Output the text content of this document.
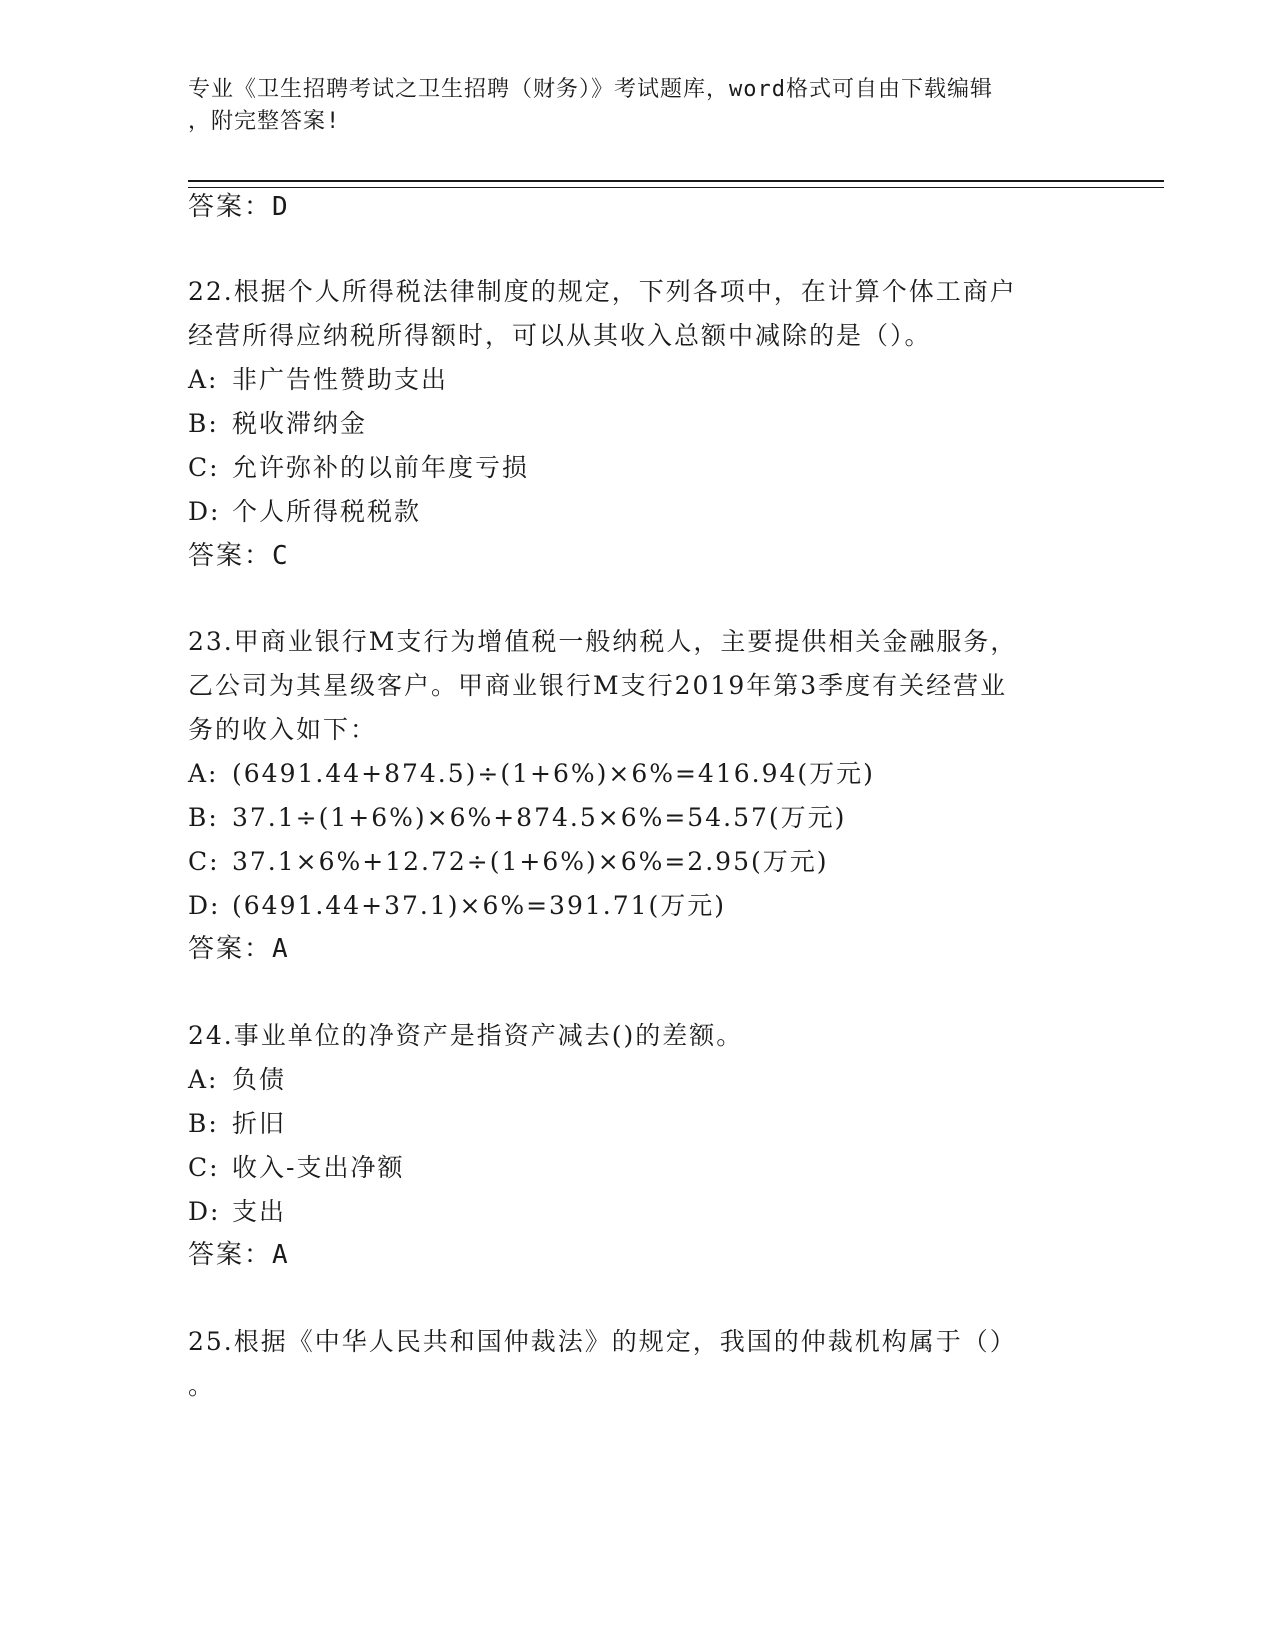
专业《卫生招聘考试之卫生招聘（财务）》考试题库，word格式可自由下载编辑
，附完整答案!
答案：D
22.根据个人所得税法律制度的规定，下列各项中，在计算个体工商户
经营所得应纳税所得额时，可以从其收入总额中减除的是（）。
A: 非广告性赞助支出
B: 税收滞纳金
C: 允许弥补的以前年度亏损
D: 个人所得税税款
答案：C
23.甲商业银行M支行为增值税一般纳税人，主要提供相关金融服务，
乙公司为其星级客户。甲商业银行M支行2019年第3季度有关经营业
务的收入如下：
A: (6491.44+874.5)÷(1+6%)×6%=416.94(万元)
B: 37.1÷(1+6%)×6%+874.5×6%=54.57(万元)
C: 37.1×6%+12.72÷(1+6%)×6%=2.95(万元)
D: (6491.44+37.1)×6%=391.71(万元)
答案：A
24.事业单位的净资产是指资产减去()的差额。
A: 负债
B: 折旧
C: 收入-支出净额
D: 支出
答案：A
25.根据《中华人民共和国仲裁法》的规定，我国的仲裁机构属于（）
。
